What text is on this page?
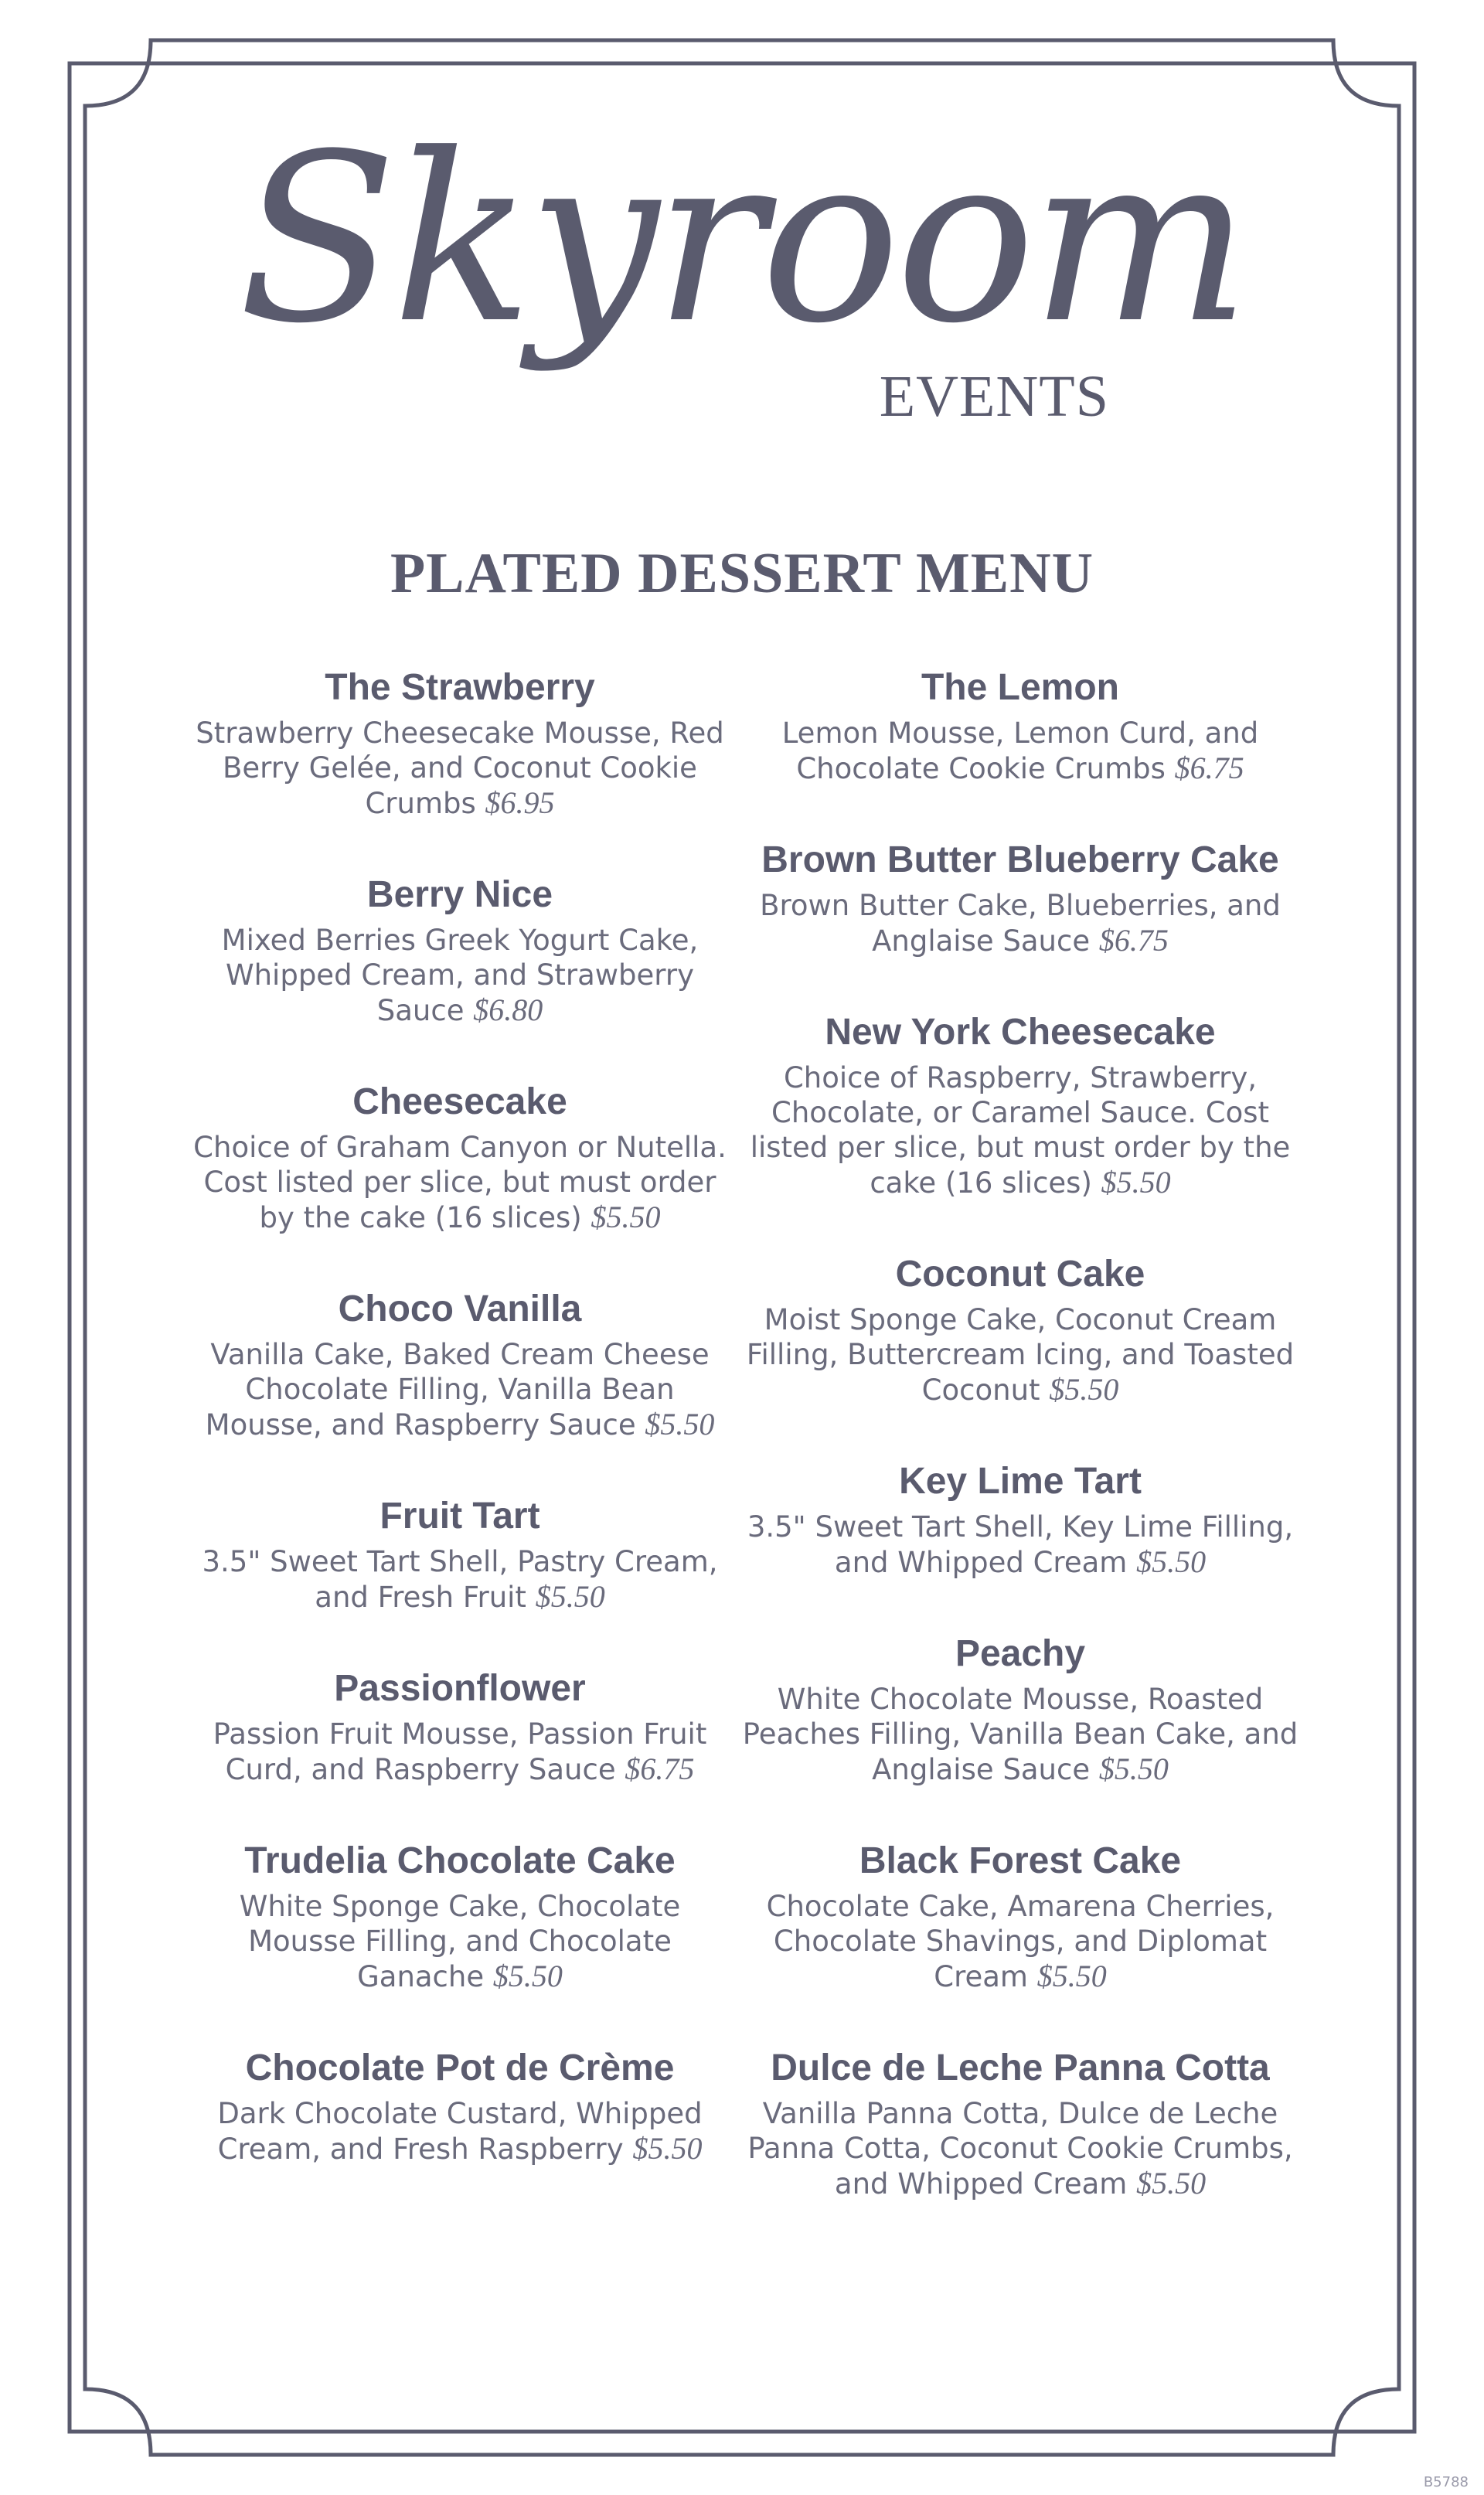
Skyroom
EVENTS
PLATED DESSERT MENU
The Strawberry
Strawberry Cheesecake Mousse, Red Berry Gelée, and Coconut Cookie Crumbs $6.95
Berry Nice
Mixed Berries Greek Yogurt Cake, Whipped Cream, and Strawberry Sauce $6.80
Cheesecake
Choice of Graham Canyon or Nutella. Cost listed per slice, but must order by the cake (16 slices) $5.50
Choco Vanilla
Vanilla Cake, Baked Cream Cheese Chocolate Filling, Vanilla Bean Mousse, and Raspberry Sauce $5.50
Fruit Tart
3.5" Sweet Tart Shell, Pastry Cream, and Fresh Fruit $5.50
Passionflower
Passion Fruit Mousse, Passion Fruit Curd, and Raspberry Sauce $6.75
Trudelia Chocolate Cake
White Sponge Cake, Chocolate Mousse Filling, and Chocolate Ganache $5.50
Chocolate Pot de Crème
Dark Chocolate Custard, Whipped Cream, and Fresh Raspberry $5.50
The Lemon
Lemon Mousse, Lemon Curd, and Chocolate Cookie Crumbs $6.75
Brown Butter Blueberry Cake
Brown Butter Cake, Blueberries, and Anglaise Sauce $6.75
New York Cheesecake
Choice of Raspberry, Strawberry, Chocolate, or Caramel Sauce. Cost listed per slice, but must order by the cake (16 slices) $5.50
Coconut Cake
Moist Sponge Cake, Coconut Cream Filling, Buttercream Icing, and Toasted Coconut $5.50
Key Lime Tart
3.5" Sweet Tart Shell, Key Lime Filling, and Whipped Cream $5.50
Peachy
White Chocolate Mousse, Roasted Peaches Filling, Vanilla Bean Cake, and Anglaise Sauce $5.50
Black Forest Cake
Chocolate Cake, Amarena Cherries, Chocolate Shavings, and Diplomat Cream $5.50
Dulce de Leche Panna Cotta
Vanilla Panna Cotta, Dulce de Leche Panna Cotta, Coconut Cookie Crumbs, and Whipped Cream $5.50
B5788
